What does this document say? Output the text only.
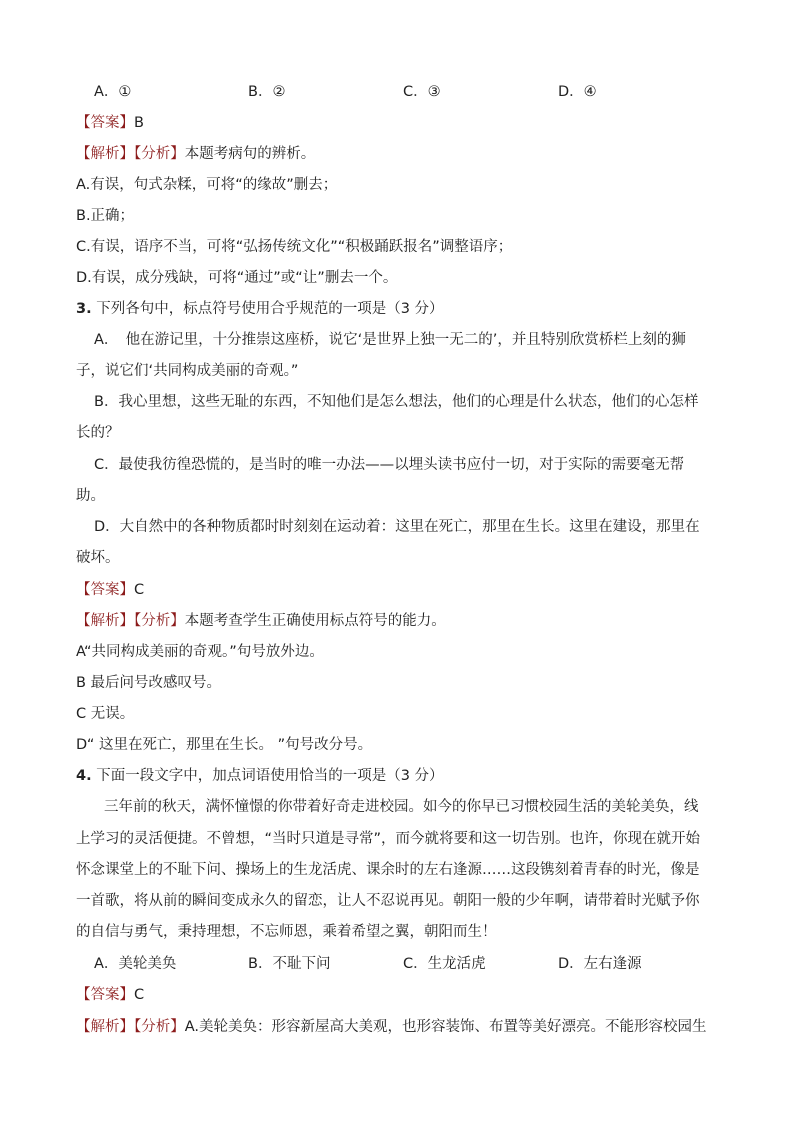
A．①	B．②	C．③	D．④
【答案】B
【解析】【分析】本题考病句的辨析。
A.有误，句式杂糅，可将“的缘故”删去；
B.正确；
C.有误，语序不当，可将“弘扬传统文化”“积极踊跃报名”调整语序；
D.有误，成分残缺，可将“通过”或“让”删去一个。
3. 下列各句中，标点符号使用合乎规范的一项是（3 分）
A．　他在游记里，十分推崇这座桥，说它‘是世界上独一无二的’，并且特别欣赏桥栏上刻的狮
子，说它们‘共同构成美丽的奇观。”
B．我心里想，这些无耻的东西，不知他们是怎么想法，他们的心理是什么状态，他们的心怎样
长的？
C．最使我彷徨恐慌的，是当时的唯一办法——以埋头读书应付一切，对于实际的需要毫无帮
助。
D．大自然中的各种物质都时时刻刻在运动着：这里在死亡，那里在生长。这里在建设，那里在
破坏。
【答案】C
【解析】【分析】本题考查学生正确使用标点符号的能力。
A“共同构成美丽的奇观。”句号放外边。
B 最后问号改感叹号。
C 无误。
D“ 这里在死亡，那里在生长。 ”句号改分号。
4. 下面一段文字中，加点词语使用恰当的一项是（3 分）
三年前的秋天，满怀憧憬的你带着好奇走进校园。如今的你早已习惯校园生活的美轮美奂，线
上学习的灵活便捷。不曾想，“当时只道是寻常”，而今就将要和这一切告别。也许，你现在就开始
怀念课堂上的不耻下问、操场上的生龙活虎、课余时的左右逢源……这段镌刻着青春的时光，像是
一首歌，将从前的瞬间变成永久的留恋，让人不忍说再见。朝阳一般的少年啊，请带着时光赋予你
的自信与勇气，秉持理想，不忘师恩，乘着希望之翼，朝阳而生！
A．美轮美奂	B．不耻下问	C．生龙活虎	D．左右逢源
【答案】C
【解析】【分析】A.美轮美奂：形容新屋高大美观，也形容装饰、布置等美好漂亮。不能形容校园生
